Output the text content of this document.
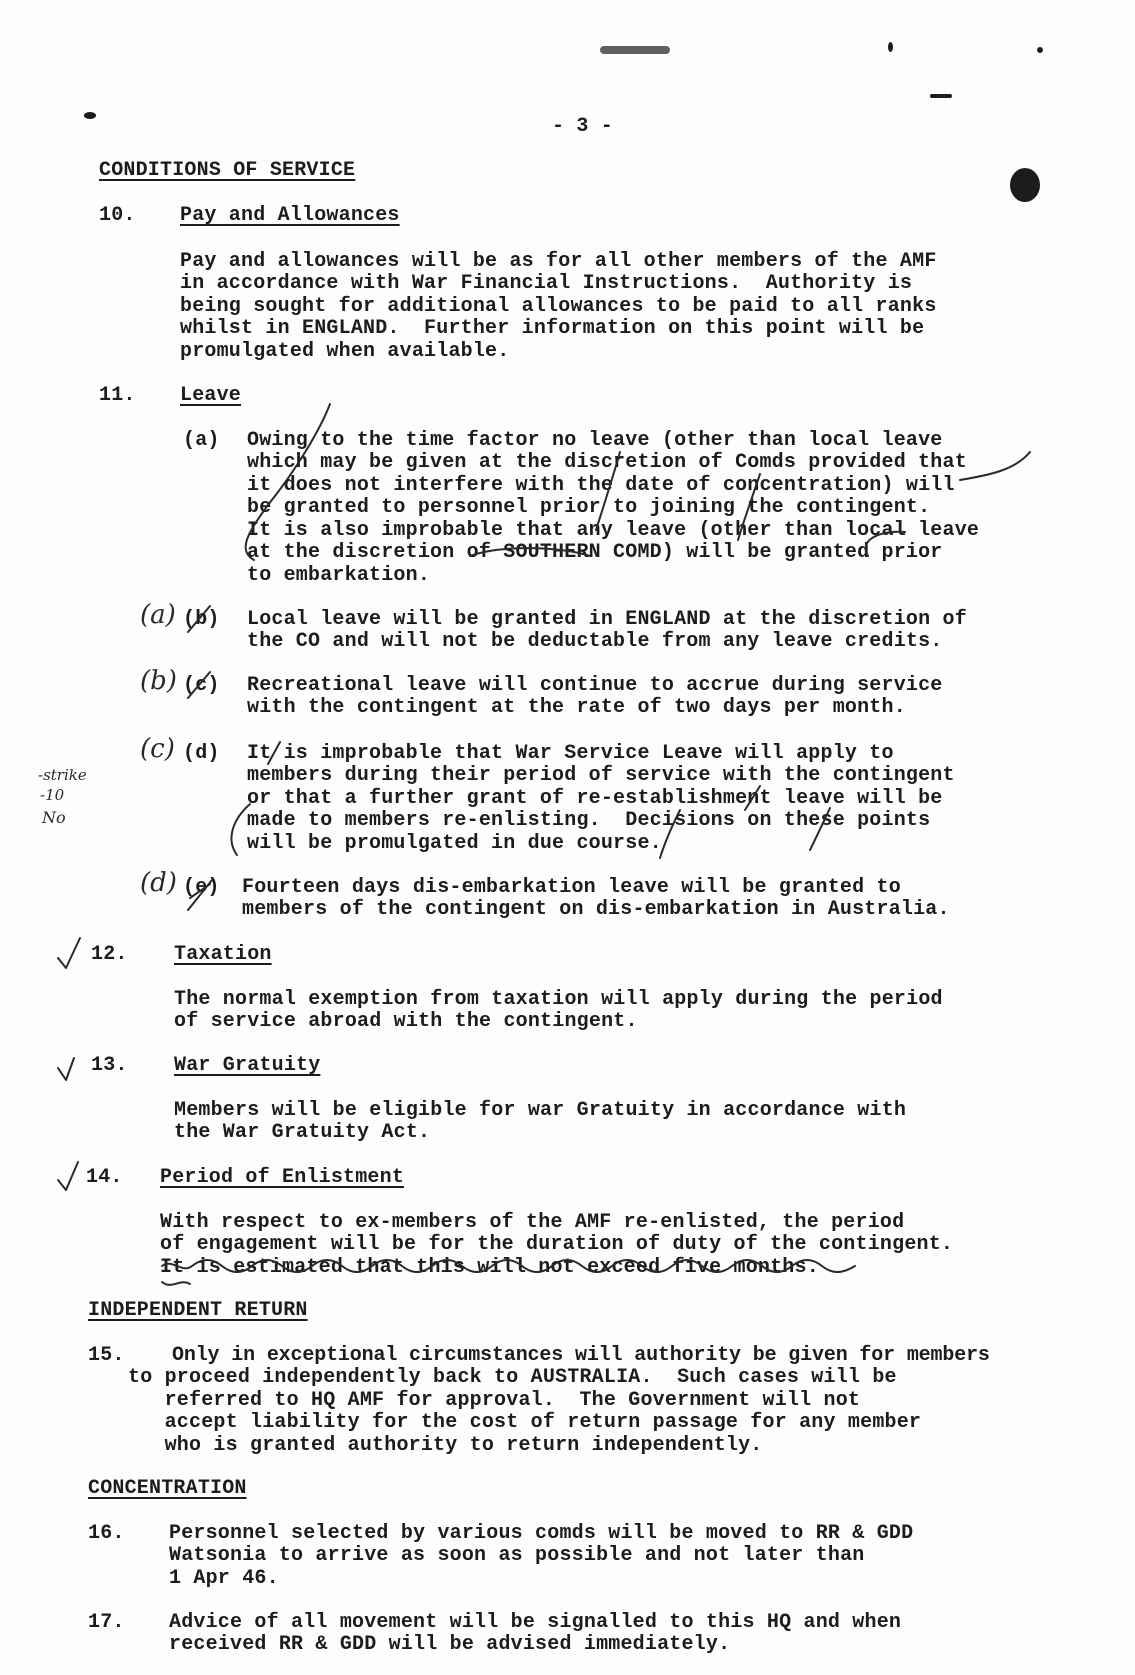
- 3 -
CONDITIONS OF SERVICE
10. Pay and Allowances
Pay and allowances will be as for all other members of the AMF
in accordance with War Financial Instructions.  Authority is
being sought for additional allowances to be paid to all ranks
whilst in ENGLAND.  Further information on this point will be
promulgated when available.
11. Leave
(a) Owing to the time factor no leave (other than local leave
which may be given at the discretion of Comds provided that
it does not interfere with the date of concentration) will
be granted to personnel prior to joining the contingent.
It is also improbable that any leave (other than local leave
at the discretion of SOUTHERN COMD) will be granted prior
to embarkation.
(a) (b) Local leave will be granted in ENGLAND at the discretion of
the CO and will not be deductable from any leave credits.
(b) (c) Recreational leave will continue to accrue during service
with the contingent at the rate of two days per month.
(c) (d) It is improbable that War Service Leave will apply to
members during their period of service with the contingent
or that a further grant of re-establishment leave will be
made to members re-enlisting.  Decisions on these points
will be promulgated in due course.
-strike
-10
No
(d) (e) Fourteen days dis-embarkation leave will be granted to
members of the contingent on dis-embarkation in Australia.
12. Taxation
The normal exemption from taxation will apply during the period
of service abroad with the contingent.
13. War Gratuity
Members will be eligible for war Gratuity in accordance with
the War Gratuity Act.
14. Period of Enlistment
With respect to ex-members of the AMF re-enlisted, the period
of engagement will be for the duration of duty of the contingent.
It is estimated that this will not exceed five months.
INDEPENDENT RETURN
15. Only in exceptional circumstances will authority be given for members
to proceed independently back to AUSTRALIA.  Such cases will be
referred to HQ AMF for approval.  The Government will not
accept liability for the cost of return passage for any member
who is granted authority to return independently.
CONCENTRATION
16. Personnel selected by various comds will be moved to RR & GDD
Watsonia to arrive as soon as possible and not later than
1 Apr 46.
17. Advice of all movement will be signalled to this HQ and when
received RR & GDD will be advised immediately.
